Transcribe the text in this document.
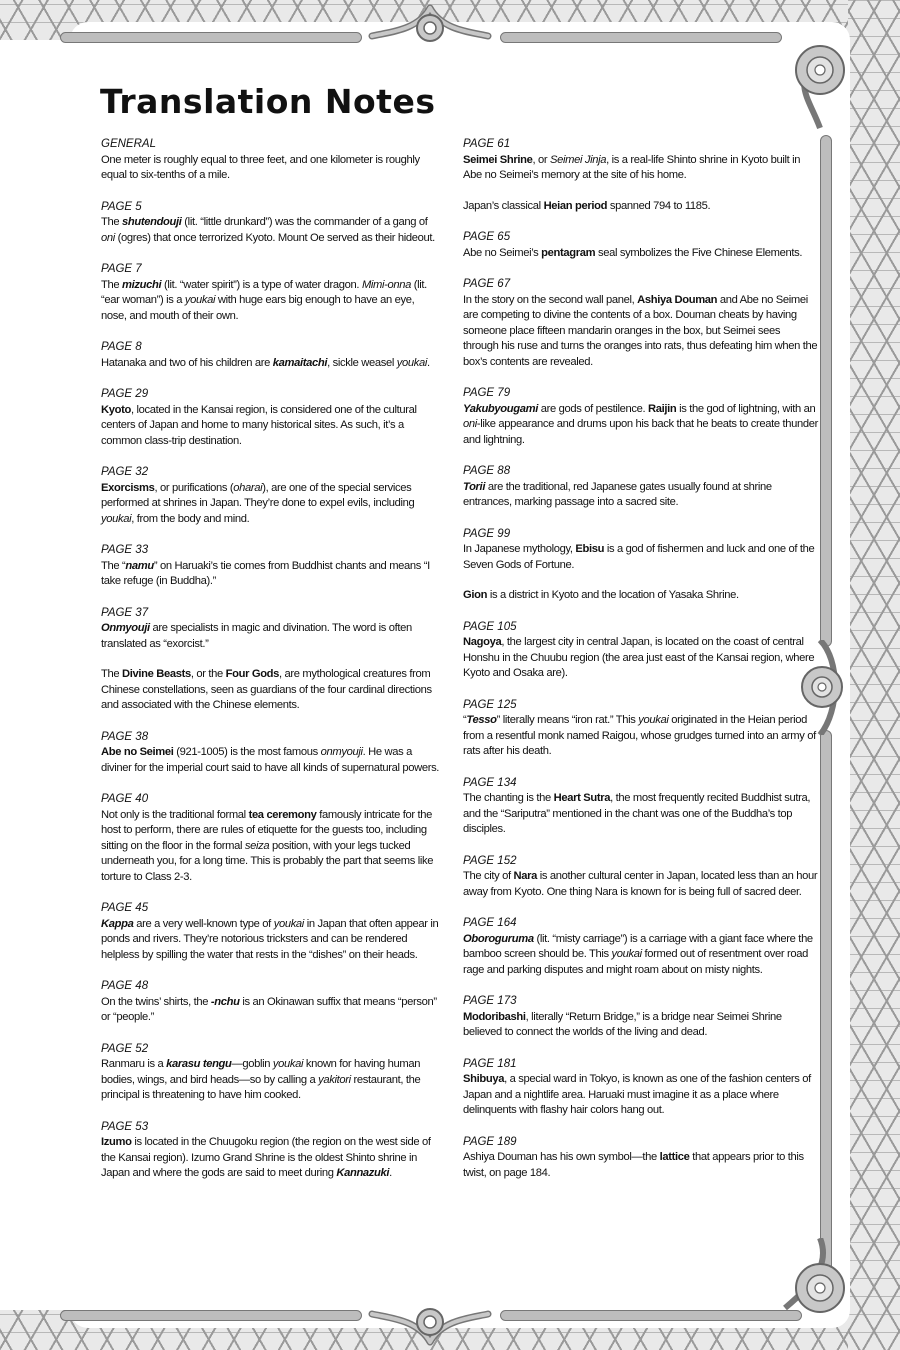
Translation Notes
GENERAL
One meter is roughly equal to three feet, and one kilometer is roughly equal to six-tenths of a mile.
PAGE 5
The shutendouji (lit. “little drunkard”) was the commander of a gang of oni (ogres) that once terrorized Kyoto. Mount Oe served as their hideout.
PAGE 7
The mizuchi (lit. “water spirit”) is a type of water dragon. Mimi-onna (lit. “ear woman”) is a youkai with huge ears big enough to have an eye, nose, and mouth of their own.
PAGE 8
Hatanaka and two of his children are kamaitachi, sickle weasel youkai.
PAGE 29
Kyoto, located in the Kansai region, is considered one of the cultural centers of Japan and home to many historical sites. As such, it’s a common class-trip destination.
PAGE 32
Exorcisms, or purifications (oharai), are one of the special services performed at shrines in Japan. They’re done to expel evils, including youkai, from the body and mind.
PAGE 33
The “namu” on Haruaki’s tie comes from Buddhist chants and means “I take refuge (in Buddha).”
PAGE 37
Onmyouji are specialists in magic and divination. The word is often translated as “exorcist.”
The Divine Beasts, or the Four Gods, are mythological creatures from Chinese constellations, seen as guardians of the four cardinal directions and associated with the Chinese elements.
PAGE 38
Abe no Seimei (921-1005) is the most famous onmyouji. He was a diviner for the imperial court said to have all kinds of supernatural powers.
PAGE 40
Not only is the traditional formal tea ceremony famously intricate for the host to perform, there are rules of etiquette for the guests too, including sitting on the floor in the formal seiza position, with your legs tucked underneath you, for a long time. This is probably the part that seems like torture to Class 2-3.
PAGE 45
Kappa are a very well-known type of youkai in Japan that often appear in ponds and rivers. They’re notorious tricksters and can be rendered helpless by spilling the water that rests in the “dishes” on their heads.
PAGE 48
On the twins’ shirts, the -nchu is an Okinawan suffix that means “person” or “people.”
PAGE 52
Ranmaru is a karasu tengu—goblin youkai known for having human bodies, wings, and bird heads—so by calling a yakitori restaurant, the principal is threatening to have him cooked.
PAGE 53
Izumo is located in the Chuugoku region (the region on the west side of the Kansai region). Izumo Grand Shrine is the oldest Shinto shrine in Japan and where the gods are said to meet during Kannazuki.
PAGE 61
Seimei Shrine, or Seimei Jinja, is a real-life Shinto shrine in Kyoto built in Abe no Seimei’s memory at the site of his home.
Japan’s classical Heian period spanned 794 to 1185.
PAGE 65
Abe no Seimei’s pentagram seal symbolizes the Five Chinese Elements.
PAGE 67
In the story on the second wall panel, Ashiya Douman and Abe no Seimei are competing to divine the contents of a box. Douman cheats by having someone place fifteen mandarin oranges in the box, but Seimei sees through his ruse and turns the oranges into rats, thus defeating him when the box’s contents are revealed.
PAGE 79
Yakubyougami are gods of pestilence. Raijin is the god of lightning, with an oni-like appearance and drums upon his back that he beats to create thunder and lightning.
PAGE 88
Torii are the traditional, red Japanese gates usually found at shrine entrances, marking passage into a sacred site.
PAGE 99
In Japanese mythology, Ebisu is a god of fishermen and luck and one of the Seven Gods of Fortune.
Gion is a district in Kyoto and the location of Yasaka Shrine.
PAGE 105
Nagoya, the largest city in central Japan, is located on the coast of central Honshu in the Chuubu region (the area just east of the Kansai region, where Kyoto and Osaka are).
PAGE 125
“Tesso” literally means “iron rat.” This youkai originated in the Heian period from a resentful monk named Raigou, whose grudges turned into an army of rats after his death.
PAGE 134
The chanting is the Heart Sutra, the most frequently recited Buddhist sutra, and the “Sariputra” mentioned in the chant was one of the Buddha’s top disciples.
PAGE 152
The city of Nara is another cultural center in Japan, located less than an hour away from Kyoto. One thing Nara is known for is being full of sacred deer.
PAGE 164
Oboroguruma (lit. “misty carriage”) is a carriage with a giant face where the bamboo screen should be. This youkai formed out of resentment over road rage and parking disputes and might roam about on misty nights.
PAGE 173
Modoribashi, literally “Return Bridge,” is a bridge near Seimei Shrine believed to connect the worlds of the living and dead.
PAGE 181
Shibuya, a special ward in Tokyo, is known as one of the fashion centers of Japan and a nightlife area. Haruaki must imagine it as a place where delinquents with flashy hair colors hang out.
PAGE 189
Ashiya Douman has his own symbol—the lattice that appears prior to this twist, on page 184.
